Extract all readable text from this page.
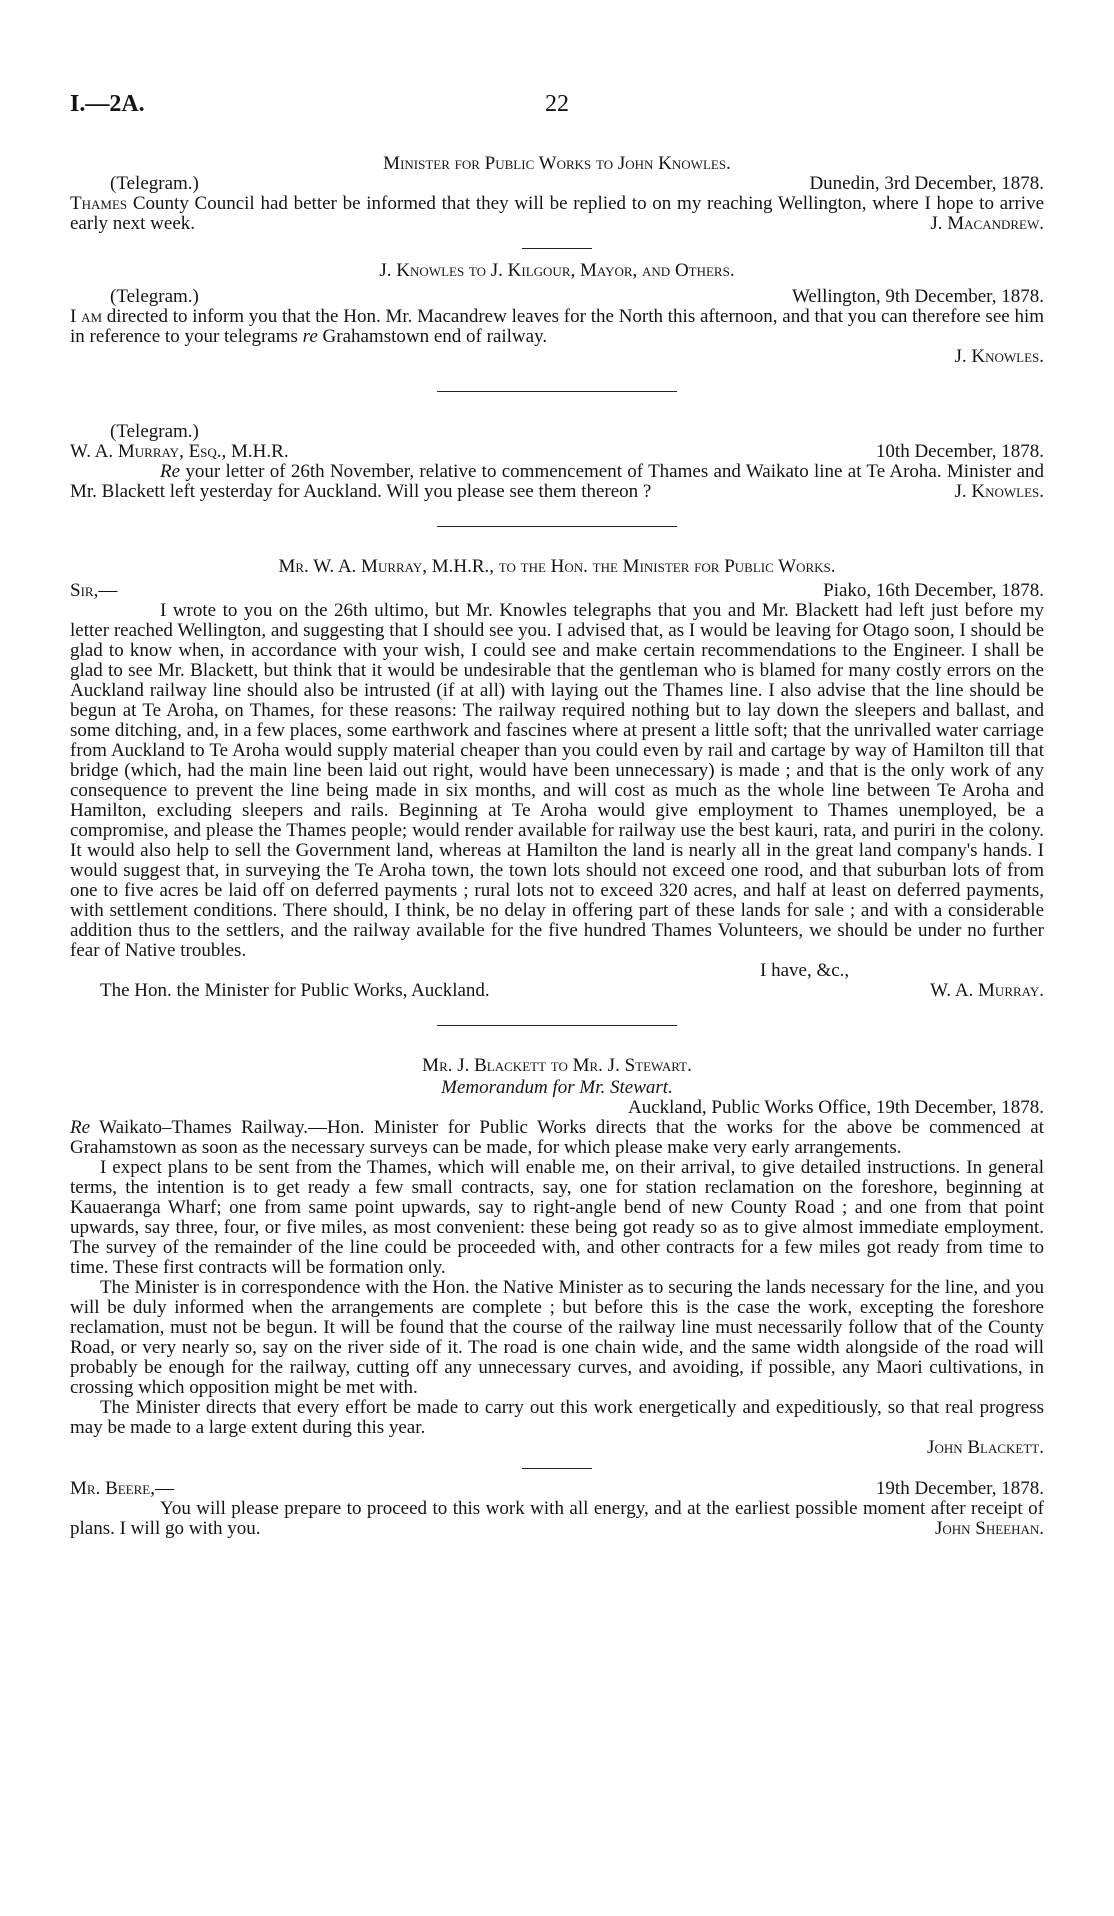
I.—2A.	22

Minister for Public Works to John Knowles.

(Telegram.)	Dunedin, 3rd December, 1878.

Thames County Council had better be informed that they will be replied to on my reaching Wellington, where I hope to arrive early next week.	J. Macandrew.

J. Knowles to J. Kilgour, Mayor, and Others.

(Telegram.)	Wellington, 9th December, 1878.

I am directed to inform you that the Hon. Mr. Macandrew leaves for the North this afternoon, and that you can therefore see him in reference to your telegrams re Grahamstown end of railway.

J. Knowles.

(Telegram.)
W. A. Murray, Esq., M.H.R.	10th December, 1878.

Re your letter of 26th November, relative to commencement of Thames and Waikato line at Te Aroha. Minister and Mr. Blackett left yesterday for Auckland. Will you please see them thereon ?	J. Knowles.

Mr. W. A. Murray, M.H.R., to the Hon. the Minister for Public Works.

Sir,—	Piako, 16th December, 1878.

I wrote to you on the 26th ultimo, but Mr. Knowles telegraphs that you and Mr. Blackett had left just before my letter reached Wellington, and suggesting that I should see you. I advised that, as I would be leaving for Otago soon, I should be glad to know when, in accordance with your wish, I could see and make certain recommendations to the Engineer. I shall be glad to see Mr. Blackett, but think that it would be undesirable that the gentleman who is blamed for many costly errors on the Auckland railway line should also be intrusted (if at all) with laying out the Thames line. I also advise that the line should be begun at Te Aroha, on Thames, for these reasons: The railway required nothing but to lay down the sleepers and ballast, and some ditching, and, in a few places, some earthwork and fascines where at present a little soft; that the unrivalled water carriage from Auckland to Te Aroha would supply material cheaper than you could even by rail and cartage by way of Hamilton till that bridge (which, had the main line been laid out right, would have been unnecessary) is made ; and that is the only work of any consequence to prevent the line being made in six months, and will cost as much as the whole line between Te Aroha and Hamilton, excluding sleepers and rails. Beginning at Te Aroha would give employment to Thames unemployed, be a compromise, and please the Thames people; would render available for railway use the best kauri, rata, and puriri in the colony. It would also help to sell the Government land, whereas at Hamilton the land is nearly all in the great land company's hands. I would suggest that, in surveying the Te Aroha town, the town lots should not exceed one rood, and that suburban lots of from one to five acres be laid off on deferred payments ; rural lots not to exceed 320 acres, and half at least on deferred payments, with settlement conditions. There should, I think, be no delay in offering part of these lands for sale ; and with a considerable addition thus to the settlers, and the railway available for the five hundred Thames Volunteers, we should be under no further fear of Native troubles.

I have, &c.,

The Hon. the Minister for Public Works, Auckland.	W. A. Murray.

Mr. J. Blackett to Mr. J. Stewart.

Memorandum for Mr. Stewart.

Auckland, Public Works Office, 19th December, 1878.

Re Waikato–Thames Railway.—Hon. Minister for Public Works directs that the works for the above be commenced at Grahamstown as soon as the necessary surveys can be made, for which please make very early arrangements.

I expect plans to be sent from the Thames, which will enable me, on their arrival, to give detailed instructions. In general terms, the intention is to get ready a few small contracts, say, one for station reclamation on the foreshore, beginning at Kauaeranga Wharf; one from same point upwards, say to right-angle bend of new County Road ; and one from that point upwards, say three, four, or five miles, as most convenient: these being got ready so as to give almost immediate employment. The survey of the remainder of the line could be proceeded with, and other contracts for a few miles got ready from time to time. These first contracts will be formation only.

The Minister is in correspondence with the Hon. the Native Minister as to securing the lands necessary for the line, and you will be duly informed when the arrangements are complete ; but before this is the case the work, excepting the foreshore reclamation, must not be begun. It will be found that the course of the railway line must necessarily follow that of the County Road, or very nearly so, say on the river side of it. The road is one chain wide, and the same width alongside of the road will probably be enough for the railway, cutting off any unnecessary curves, and avoiding, if possible, any Maori cultivations, in crossing which opposition might be met with.

The Minister directs that every effort be made to carry out this work energetically and expeditiously, so that real progress may be made to a large extent during this year.

John Blackett.

Mr. Beere,—	19th December, 1878.

You will please prepare to proceed to this work with all energy, and at the earliest possible moment after receipt of plans. I will go with you.	John Sheehan.
